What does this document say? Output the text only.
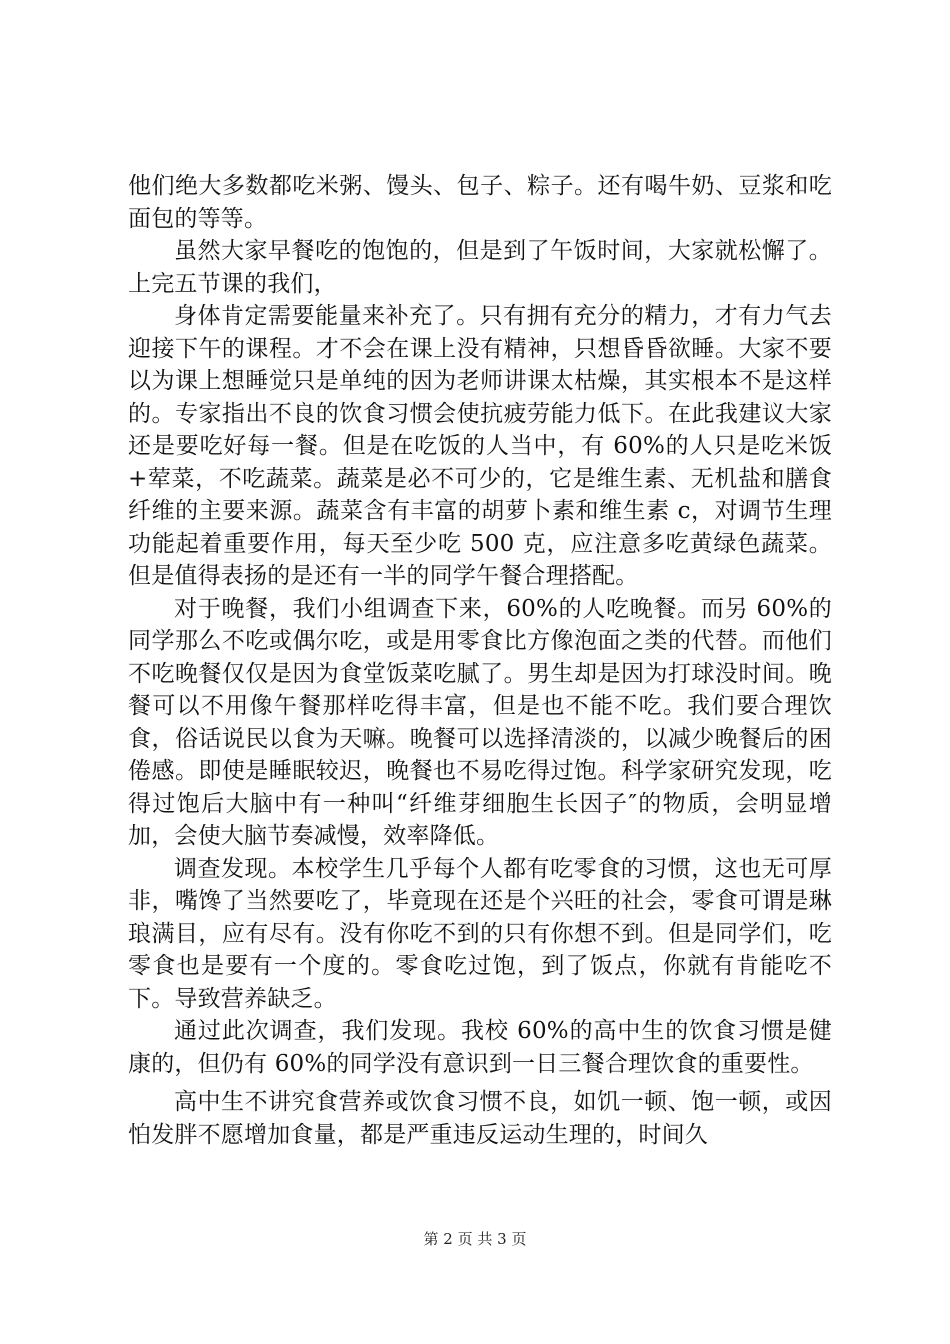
他们绝大多数都吃米粥、馒头、包子、粽子。还有喝牛奶、豆浆和吃面包的等等。

虽然大家早餐吃的饱饱的，但是到了午饭时间，大家就松懈了。上完五节课的我们，

身体肯定需要能量来补充了。只有拥有充分的精力，才有力气去迎接下午的课程。才不会在课上没有精神，只想昏昏欲睡。大家不要以为课上想睡觉只是单纯的因为老师讲课太枯燥，其实根本不是这样的。专家指出不良的饮食习惯会使抗疲劳能力低下。在此我建议大家还是要吃好每一餐。但是在吃饭的人当中，有 60%的人只是吃米饭+荤菜，不吃蔬菜。蔬菜是必不可少的，它是维生素、无机盐和膳食纤维的主要来源。蔬菜含有丰富的胡萝卜素和维生素 c，对调节生理功能起着重要作用，每天至少吃 500 克，应注意多吃黄绿色蔬菜。但是值得表扬的是还有一半的同学午餐合理搭配。

对于晚餐，我们小组调查下来，60%的人吃晚餐。而另 60%的同学那么不吃或偶尔吃，或是用零食比方像泡面之类的代替。而他们不吃晚餐仅仅是因为食堂饭菜吃腻了。男生却是因为打球没时间。晚餐可以不用像午餐那样吃得丰富，但是也不能不吃。我们要合理饮食，俗话说民以食为天嘛。晚餐可以选择清淡的，以减少晚餐后的困倦感。即使是睡眠较迟，晚餐也不易吃得过饱。科学家研究发现，吃得过饱后大脑中有一种叫“纤维芽细胞生长因子″的物质，会明显增加，会使大脑节奏减慢，效率降低。

调查发现。本校学生几乎每个人都有吃零食的习惯，这也无可厚非，嘴馋了当然要吃了，毕竟现在还是个兴旺的社会，零食可谓是琳琅满目，应有尽有。没有你吃不到的只有你想不到。但是同学们，吃零食也是要有一个度的。零食吃过饱，到了饭点，你就有肯能吃不下。导致营养缺乏。

通过此次调查，我们发现。我校 60%的高中生的饮食习惯是健康的，但仍有 60%的同学没有意识到一日三餐合理饮食的重要性。

高中生不讲究食营养或饮食习惯不良，如饥一顿、饱一顿，或因怕发胖不愿增加食量，都是严重违反运动生理的，时间久

第 2 页 共 3 页
